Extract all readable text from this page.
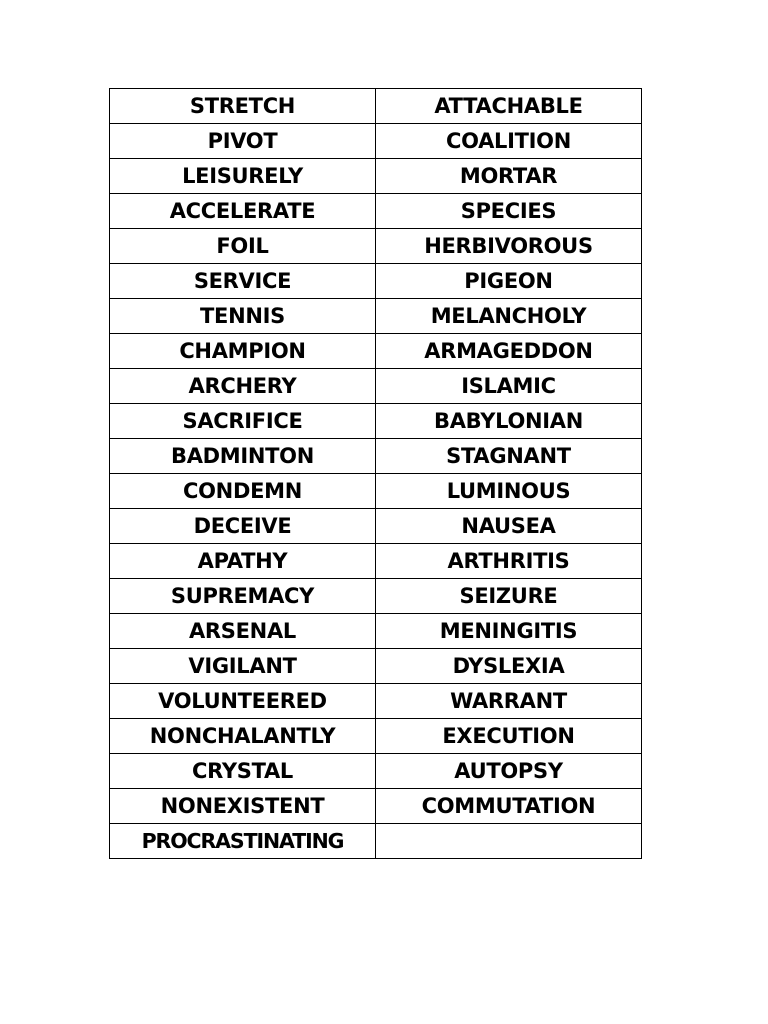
STRETCH	ATTACHABLE
PIVOT	COALITION
LEISURELY	MORTAR
ACCELERATE	SPECIES
FOIL	HERBIVOROUS
SERVICE	PIGEON
TENNIS	MELANCHOLY
CHAMPION	ARMAGEDDON
ARCHERY	ISLAMIC
SACRIFICE	BABYLONIAN
BADMINTON	STAGNANT
CONDEMN	LUMINOUS
DECEIVE	NAUSEA
APATHY	ARTHRITIS
SUPREMACY	SEIZURE
ARSENAL	MENINGITIS
VIGILANT	DYSLEXIA
VOLUNTEERED	WARRANT
NONCHALANTLY	EXECUTION
CRYSTAL	AUTOPSY
NONEXISTENT	COMMUTATION
PROCRASTINATING	
